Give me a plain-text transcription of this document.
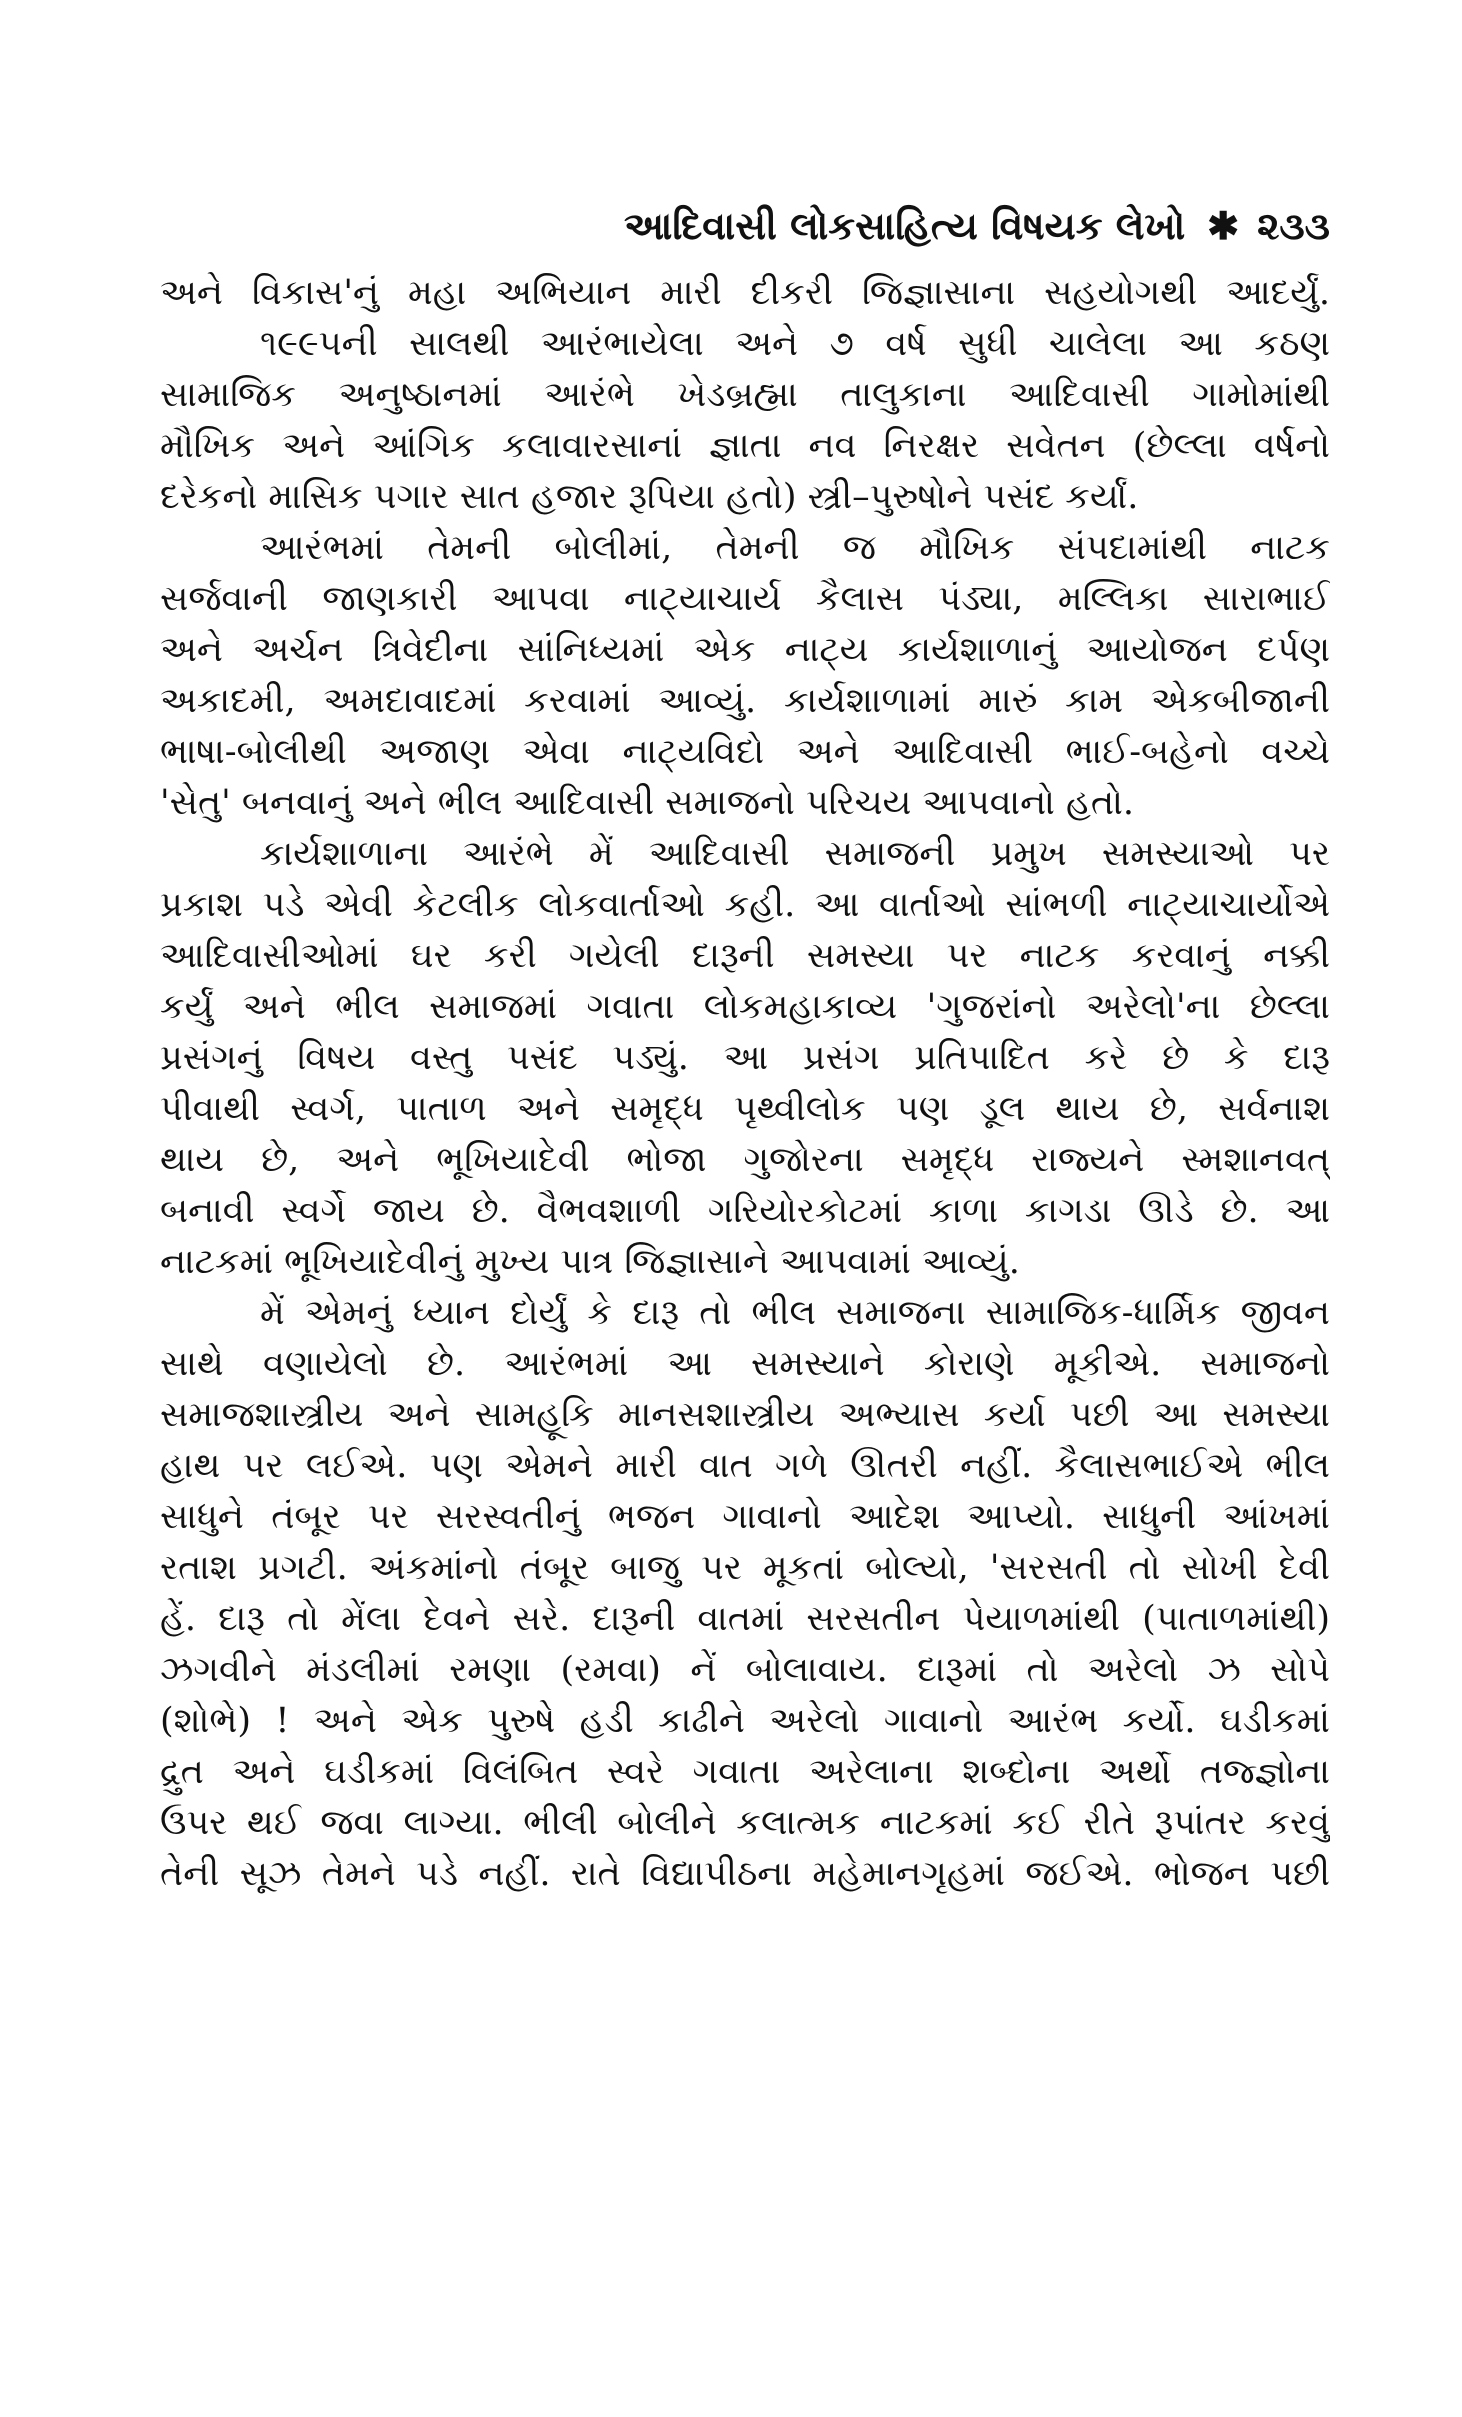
આદિવાસી લોકસાહિત્ય વિષયક લેખો ✱ ૨૩૩
અને વિકાસ'નું મહા અભિયાન મારી દીકરી જિજ્ઞાસાના સહયોગથી આદર્યું.
૧૯૯૫ની સાલથી આરંભાયેલા અને ૭ વર્ષ સુધી ચાલેલા આ કઠણ
સામાજિક અનુષ્ઠાનમાં આરંભે ખેડબ્રહ્મા તાલુકાના આદિવાસી ગામોમાંથી
મૌખિક અને આંગિક કલાવારસાનાં જ્ઞાતા નવ નિરક્ષર સવેતન (છેલ્લા વર્ષનો
દરેકનો માસિક પગાર સાત હજાર રૂપિયા હતો) સ્ત્રી–પુરુષોને પસંદ કર્યાં.
આરંભમાં તેમની બોલીમાં, તેમની જ મૌખિક સંપદામાંથી નાટક
સર્જવાની જાણકારી આપવા નાટ્યાચાર્ય કૈલાસ પંડ્યા, મલ્લિકા સારાભાઈ
અને અર્ચન ત્રિવેદીના સાંનિધ્યમાં એક નાટ્ય કાર્યશાળાનું આયોજન દર્પણ
અકાદમી, અમદાવાદમાં કરવામાં આવ્યું. કાર્યશાળામાં મારું કામ એકબીજાની
ભાષા-બોલીથી અજાણ એવા નાટ્યવિદો અને આદિવાસી ભાઈ-બહેનો વચ્ચે
'સેતુ' બનવાનું અને ભીલ આદિવાસી સમાજનો પરિચય આપવાનો હતો.
કાર્યશાળાના આરંભે મેં આદિવાસી સમાજની પ્રમુખ સમસ્યાઓ પર
પ્રકાશ પડે એવી કેટલીક લોકવાર્તાઓ કહી. આ વાર્તાઓ સાંભળી નાટ્યાચાર્યોએ
આદિવાસીઓમાં ઘર કરી ગયેલી દારૂની સમસ્યા પર નાટક કરવાનું નક્કી
કર્યું અને ભીલ સમાજમાં ગવાતા લોકમહાકાવ્ય 'ગુજરાંનો અરેલો'ના છેલ્લા
પ્રસંગનું વિષય વસ્તુ પસંદ પડ્યું. આ પ્રસંગ પ્રતિપાદિત કરે છે કે દારૂ
પીવાથી સ્વર્ગ, પાતાળ અને સમૃદ્ધ પૃથ્વીલોક પણ ડૂલ થાય છે, સર્વનાશ
થાય છે, અને ભૂખિયાદેવી ભોજા ગુજોરના સમૃદ્ધ રાજ્યને સ્મશાનવત્
બનાવી સ્વર્ગે જાય છે. વૈભવશાળી ગરિયોરકોટમાં કાળા કાગડા ઊડે છે. આ
નાટકમાં ભૂખિયાદેવીનું મુખ્ય પાત્ર જિજ્ઞાસાને આપવામાં આવ્યું.
મેં એમનું ધ્યાન દોર્યું કે દારૂ તો ભીલ સમાજના સામાજિક-ધાર્મિક જીવન
સાથે વણાયેલો છે. આરંભમાં આ સમસ્યાને કોરાણે મૂકીએ. સમાજનો
સમાજશાસ્ત્રીય અને સામહૂકિ માનસશાસ્ત્રીય અભ્યાસ કર્યા પછી આ સમસ્યા
હાથ પર લઈએ. પણ એમને મારી વાત ગળે ઊતરી નહીં. કૈલાસભાઈએ ભીલ
સાધુને તંબૂર પર સરસ્વતીનું ભજન ગાવાનો આદેશ આપ્યો. સાધુની આંખમાં
રતાશ પ્રગટી. અંકમાંનો તંબૂર બાજુ પર મૂકતાં બોલ્યો, 'સરસતી તો સોખી દેવી
હેં. દારૂ તો મેંલા દેવને સરે. દારૂની વાતમાં સરસતીન પેયાળમાંથી (પાતાળમાંથી)
ઝગવીને મંડલીમાં રમણા (રમવા) નેં બોલાવાય. દારૂમાં તો અરેલો ઝ સોપે
(શોભે) ! અને એક પુરુષે હડી કાઢીને અરેલો ગાવાનો આરંભ કર્યો. ઘડીકમાં
દ્રુત અને ઘડીકમાં વિલંબિત સ્વરે ગવાતા અરેલાના શબ્દોના અર્થો તજ્જ્ઞોના
ઉપર થઈ જવા લાગ્યા. ભીલી બોલીને કલાત્મક નાટકમાં કઈ રીતે રૂપાંતર કરવું
તેની સૂઝ તેમને પડે નહીં. રાતે વિદ્યાપીઠના મહેમાનગૃહમાં જઈએ. ભોજન પછી
